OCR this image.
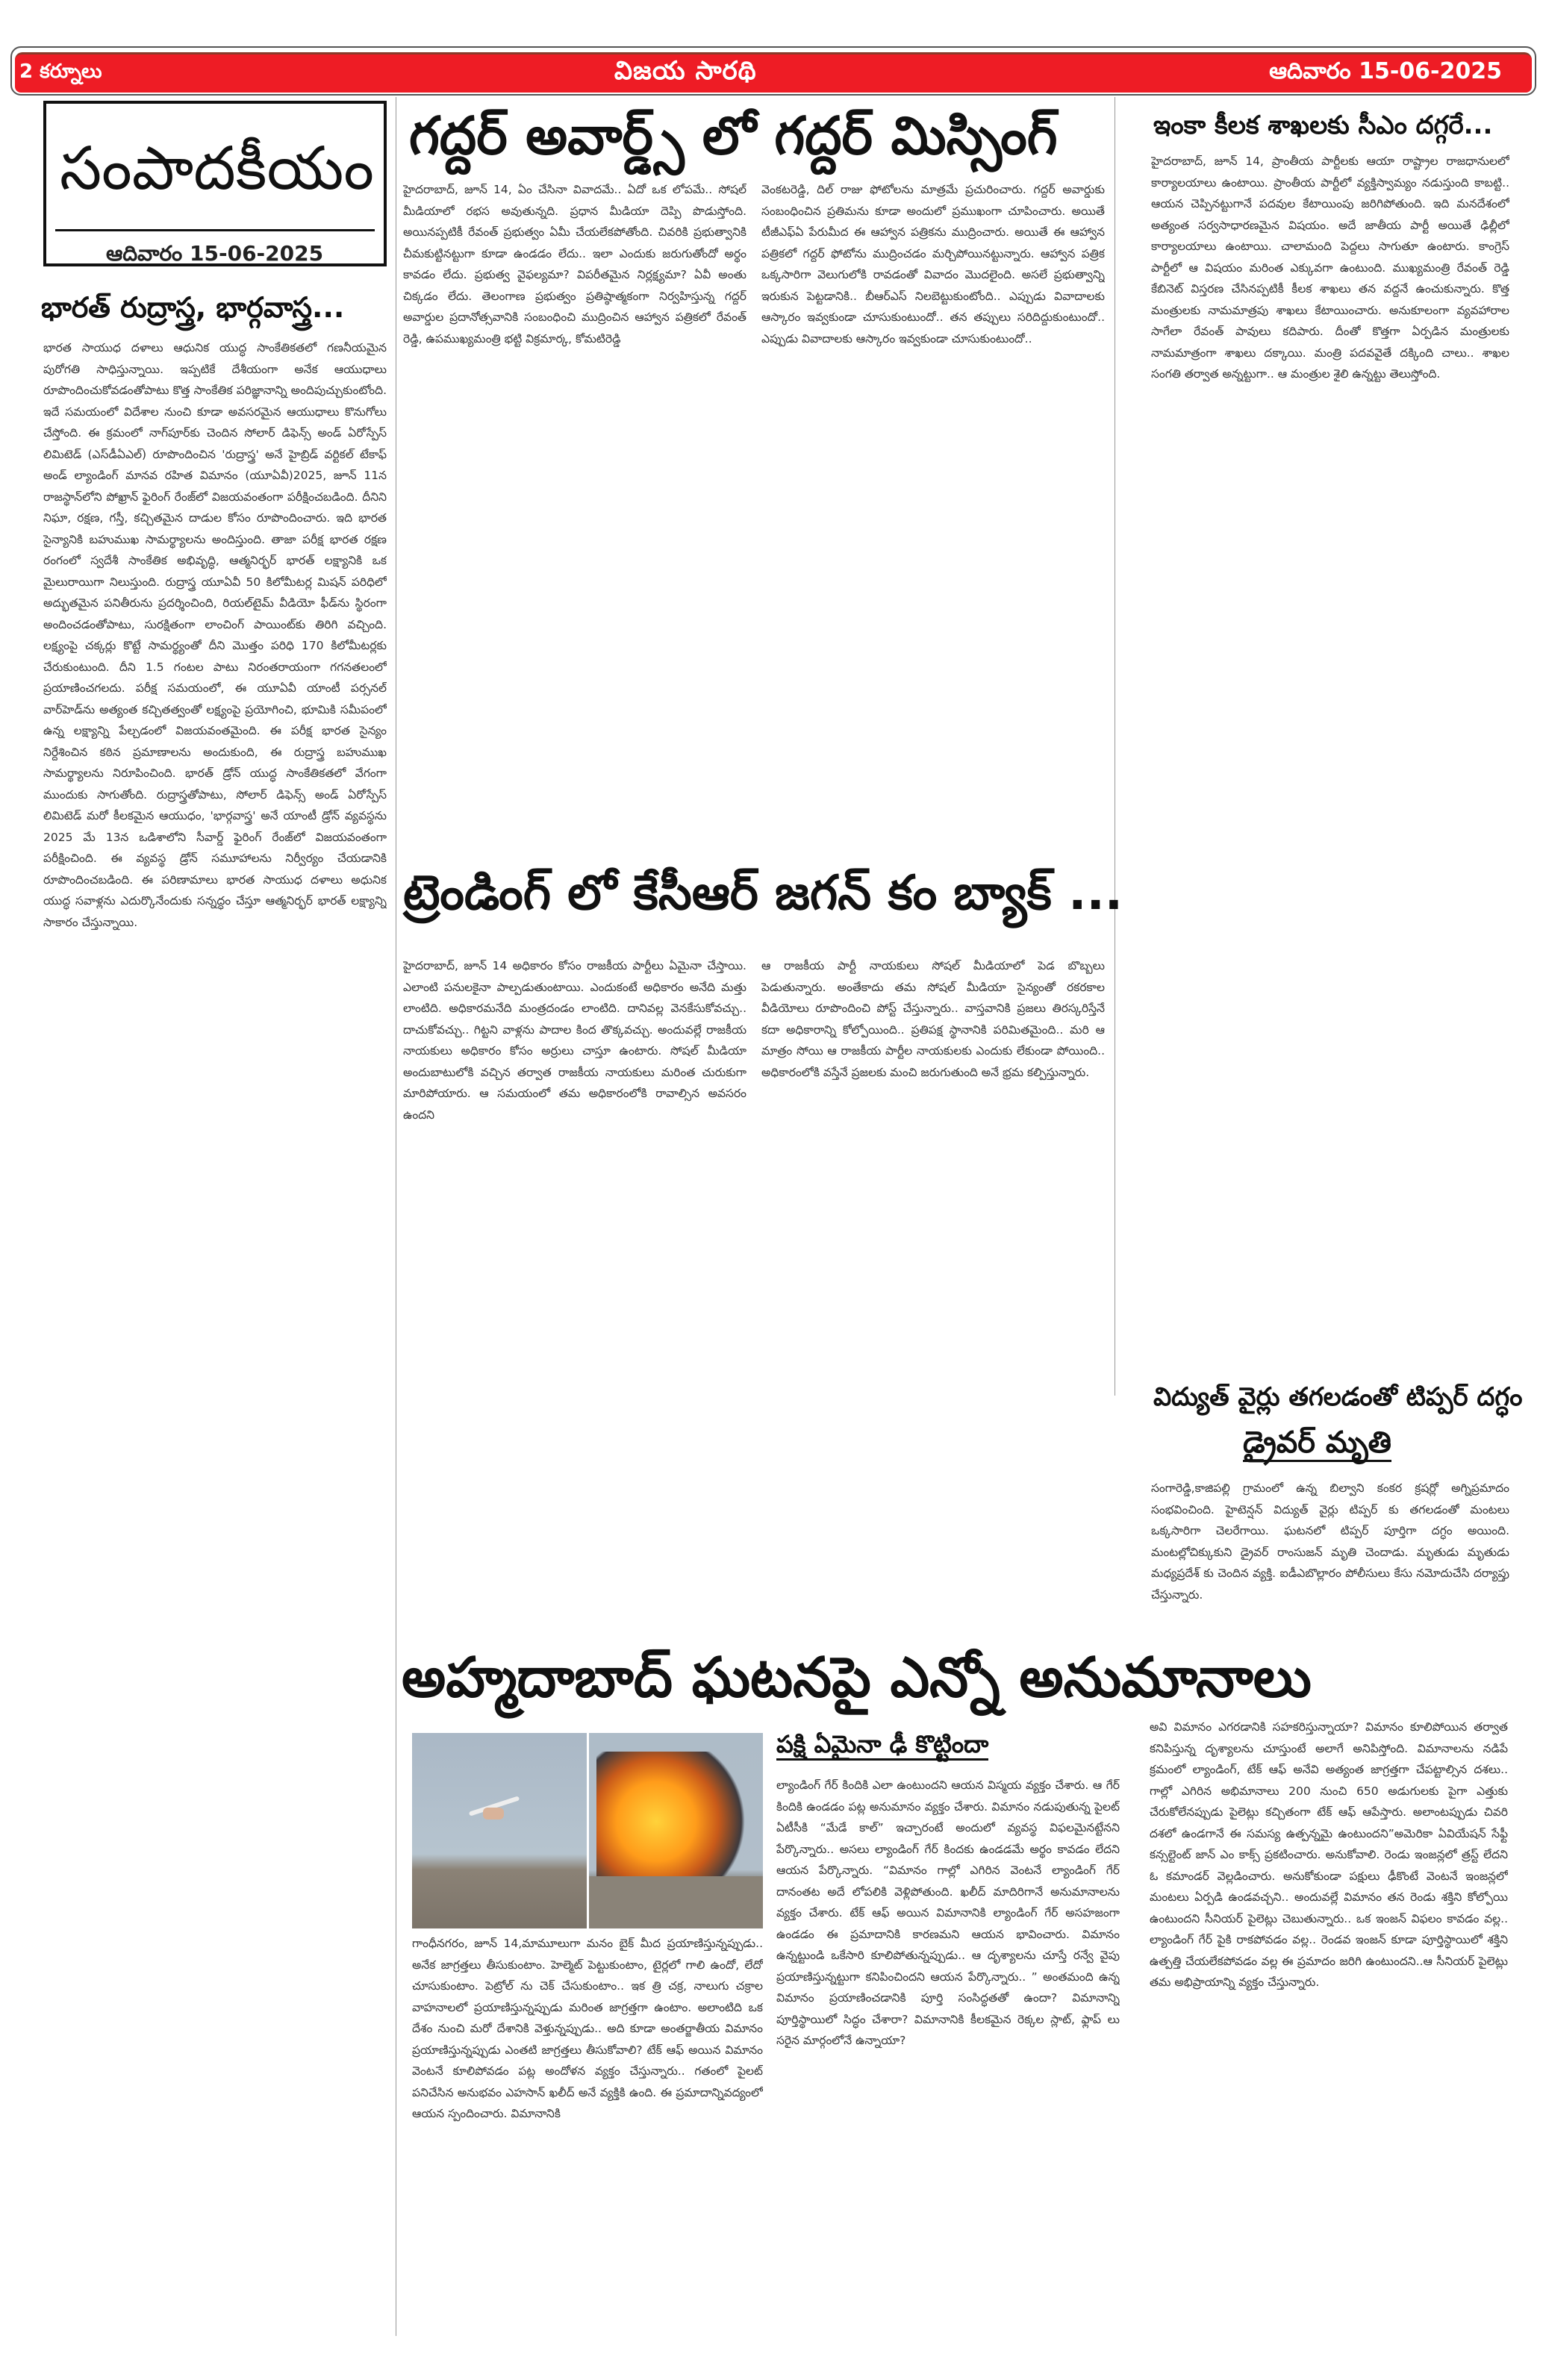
2 కర్నూలు	విజయ సారథి	ఆదివారం 15-06-2025
సంపాదకీయం
ఆదివారం 15-06-2025
భారత్ రుద్రాస్త్ర, భార్గవాస్త్ర...

భారత సాయుధ దళాలు ఆధునిక యుద్ధ సాంకేతికతలో గణనీయమైన పురోగతి సాధిస్తున్నాయి. ఇప్పటికే దేశీయంగా అనేక ఆయుధాలు రూపొందించుకోవడంతోపాటు కొత్త సాంకేతిక పరిజ్ఞానాన్ని అందిపుచ్చుకుంటోంది. ఇదే సమయంలో విదేశాల నుంచి కూడా అవసరమైన ఆయుధాలు కొనుగోలు చేస్తోంది. ఈ క్రమంలో నాగ్‌పూర్‌కు చెందిన సోలార్ డిఫెన్స్ అండ్ ఏరోస్పేస్ లిమిటెడ్ (ఎస్‌డీఏఎల్) రూపొందించిన 'రుద్రాస్త్ర' అనే హైబ్రిడ్ వర్టికల్ టేకాఫ్ అండ్ ల్యాండింగ్ మానవ రహిత విమానం (యూఏవీ)2025, జూన్ 11న రాజస్థాన్‌లోని పోఖ్రాన్ ఫైరింగ్ రేంజ్‌లో విజయవంతంగా పరీక్షించబడింది. దీనిని నిఘా, రక్షణ, గస్తీ, కచ్చితమైన దాడుల కోసం రూపొందించారు. ఇది భారత సైన్యానికి బహుముఖ సామర్థ్యాలను అందిస్తుంది. తాజా పరీక్ష భారత రక్షణ రంగంలో స్వదేశీ సాంకేతిక అభివృద్ధి, ఆత్మనిర్భర్ భారత్ లక్ష్యానికి ఒక మైలురాయిగా నిలుస్తుంది. రుద్రాస్త్ర యూఏవీ 50 కిలోమీటర్ల మిషన్ పరిధిలో అద్భుతమైన పనితీరును ప్రదర్శించింది, రియల్‌టైమ్ వీడియో ఫీడ్‌ను స్థిరంగా అందించడంతోపాటు, సురక్షితంగా లాంచింగ్ పాయింట్‌కు తిరిగి వచ్చింది. లక్ష్యంపై చక్కర్లు కొట్టే సామర్థ్యంతో దీని మొత్తం పరిధి 170 కిలోమీటర్లకు చేరుకుంటుంది. దీని 1.5 గంటల పాటు నిరంతరాయంగా గగనతలంలో ప్రయాణించగలదు. పరీక్ష సమయంలో, ఈ యూఏవీ యాంటీ పర్సనల్ వార్‌హెడ్‌ను అత్యంత కచ్చితత్వంతో లక్ష్యంపై ప్రయోగించి, భూమికి సమీపంలో ఉన్న లక్ష్యాన్ని పేల్చడంలో విజయవంతమైంది. ఈ పరీక్ష భారత సైన్యం నిర్దేశించిన కఠిన ప్రమాణాలను అందుకుంది, ఈ రుద్రాస్త్ర బహుముఖ సామర్థ్యాలను నిరూపించింది. భారత్ డ్రోన్ యుద్ధ సాంకేతికతలో వేగంగా ముందుకు సాగుతోంది. రుద్రాస్త్రతోపాటు, సోలార్ డిఫెన్స్ అండ్ ఏరోస్పేస్ లిమిటెడ్ మరో కీలకమైన ఆయుధం, 'భార్గవాస్త్ర' అనే యాంటీ డ్రోన్ వ్యవస్థను 2025 మే 13న ఒడిశాలోని సీవార్డ్ ఫైరింగ్ రేంజ్‌లో విజయవంతంగా పరీక్షించింది. ఈ వ్యవస్థ డ్రోన్ సమూహాలను నిర్వీర్యం చేయడానికి రూపొందించబడింది. ఈ పరిణామాలు భారత సాయుధ దళాలు అధునిక యుద్ధ సవాళ్లను ఎదుర్కొనేందుకు సన్నద్ధం చేస్తూ ఆత్మనిర్భర్ భారత్ లక్ష్యాన్ని సాకారం చేస్తున్నాయి.

గద్దర్ అవార్డ్స్ లో గద్దర్ మిస్సింగ్

హైదరాబాద్, జూన్ 14, ఏం చేసినా వివాదమే.. ఏదో ఒక లోపమే.. సోషల్ మీడియాలో రభస అవుతున్నది. ప్రధాన మీడియా దెప్పి పొడుస్తోంది. అయినప్పటికీ రేవంత్ ప్రభుత్వం ఏమీ చేయలేకపోతోంది. చివరికి ప్రభుత్వానికి చీమకుట్టినట్టుగా కూడా ఉండడం లేదు.. ఇలా ఎందుకు జరుగుతోందో అర్థం కావడం లేదు. ప్రభుత్వ వైఫల్యమా? విపరీతమైన నిర్లక్ష్యమా? ఏవీ అంతు చిక్కడం లేదు. తెలంగాణ ప్రభుత్వం ప్రతిష్ఠాత్మకంగా నిర్వహిస్తున్న గద్దర్ అవార్డుల ప్రదానోత్సవానికి సంబంధించి ముద్రించిన ఆహ్వాన పత్రికలో రేవంత్ రెడ్డి, ఉపముఖ్యమంత్రి భట్టి విక్రమార్క, కోమటిరెడ్డి

వెంకటరెడ్డి, దిల్ రాజు ఫోటోలను మాత్రమే ప్రచురించారు. గద్దర్ అవార్డుకు సంబంధించిన ప్రతిమను కూడా అందులో ప్రముఖంగా చూపించారు. అయితే టీజీఎఫ్‌ఏ పేరుమీద ఈ ఆహ్వాన పత్రికను ముద్రించారు. అయితే ఈ ఆహ్వాన పత్రికలో గద్దర్ ఫోటోను ముద్రించడం మర్చిపోయినట్టున్నారు. ఆహ్వాన పత్రిక ఒక్కసారిగా వెలుగులోకి రావడంతో వివాదం మొదలైంది. అసలే ప్రభుత్వాన్ని ఇరుకున పెట్టడానికి.. బీఆర్ఎస్ నిలబెట్టుకుంటోంది.. ఎప్పుడు వివాదాలకు ఆస్కారం ఇవ్వకుండా చూసుకుంటుందో.. తన తప్పులు సరిదిద్దుకుంటుందో.. ఎప్పుడు వివాదాలకు ఆస్కారం ఇవ్వకుండా చూసుకుంటుందో..

ఇంకా కీలక శాఖలకు సీఎం దగ్గరే...

హైదరాబాద్, జూన్ 14, ప్రాంతీయ పార్టీలకు ఆయా రాష్ట్రాల రాజధానులలో కార్యాలయాలు ఉంటాయి. ప్రాంతీయ పార్టీలో వ్యక్తిస్వామ్యం నడుస్తుంది కాబట్టి.. ఆయన చెప్పినట్టుగానే పదవుల కేటాయింపు జరిగిపోతుంది. ఇది మనదేశంలో అత్యంత సర్వసాధారణమైన విషయం. అదే జాతీయ పార్టీ అయితే ఢిల్లీలో కార్యాలయాలు ఉంటాయి. చాలామంది పెద్దలు సాగుతూ ఉంటారు. కాంగ్రెస్ పార్టీలో ఆ విషయం మరింత ఎక్కువగా ఉంటుంది. ముఖ్యమంత్రి రేవంత్ రెడ్డి కేబినెట్ విస్తరణ చేసినప్పటికీ కీలక శాఖలు తన వద్దనే ఉంచుకున్నారు. కొత్త మంత్రులకు నామమాత్రపు శాఖలు కేటాయించారు. అనుకూలంగా వ్యవహారాల సాగేలా రేవంత్ పావులు కదిపారు. దీంతో కొత్తగా ఏర్పడిన మంత్రులకు నామమాత్రంగా శాఖలు దక్కాయి. మంత్రి పదవవైతే దక్కింది చాలు.. శాఖల సంగతి తర్వాత అన్నట్టుగా.. ఆ మంత్రుల శైలి ఉన్నట్టు తెలుస్తోంది.

ట్రెండింగ్ లో కేసీఆర్ జగన్ కం బ్యాక్ ...

హైదరాబాద్, జూన్ 14 అధికారం కోసం రాజకీయ పార్టీలు ఏమైనా చేస్తాయి. ఎలాంటి పనులకైనా పాల్పడుతుంటాయి. ఎందుకంటే అధికారం అనేది మత్తు లాంటిది. అధికారమనేది మంత్రదండం లాంటిది. దానివల్ల వెనకేసుకోవచ్చు.. దాచుకోవచ్చు.. గిట్టని వాళ్లను పాదాల కింద తొక్కవచ్చు. అందువల్లే రాజకీయ నాయకులు అధికారం కోసం అర్రులు చాస్తూ ఉంటారు. సోషల్ మీడియా అందుబాటులోకి వచ్చిన తర్వాత రాజకీయ నాయకులు మరింత చురుకుగా మారిపోయారు. ఆ సమయంలో తమ అధికారంలోకి రావాల్సిన అవసరం ఉందని

ఆ రాజకీయ పార్టీ నాయకులు సోషల్ మీడియాలో పెడ బొబ్బలు పెడుతున్నారు. అంతేకాదు తమ సోషల్ మీడియా సైన్యంతో రకరకాల వీడియోలు రూపొందించి పోస్ట్ చేస్తున్నారు.. వాస్తవానికి ప్రజలు తిరస్కరిస్తేనే కదా అధికారాన్ని కోల్పోయింది.. ప్రతిపక్ష స్థానానికి పరిమితమైంది.. మరి ఆ మాత్రం సోయి ఆ రాజకీయ పార్టీల నాయకులకు ఎందుకు లేకుండా పోయింది.. అధికారంలోకి వస్తేనే ప్రజలకు మంచి జరుగుతుంది అనే భ్రమ కల్పిస్తున్నారు.

విద్యుత్ వైర్లు తగలడంతో టిప్పర్ దగ్ధం
డ్రైవర్ మృతి

సంగారెడ్డి,కాజిపల్లి గ్రామంలో ఉన్న బిల్వాని కంకర క్రషర్లో అగ్నిప్రమాదం సంభవించింది. హైటెన్షన్ విద్యుత్ వైర్లు టిప్పర్ కు తగలడంతో మంటలు ఒక్కసారిగా చెలరేగాయి. ఘటనలో టిప్పర్ పూర్తిగా దగ్ధం అయింది. మంటల్లోచిక్కుకుని డ్రైవర్ రాంసుజన్ మృతి చెందాడు. మృతుడు మృతుడు మధ్యప్రదేశ్ కు చెందిన వ్యక్తి. ఐడీఎబొల్లారం పోలీసులు కేసు నమోదుచేసి దర్యాప్తు చేస్తున్నారు.

అహ్మదాబాద్ ఘటనపై ఎన్నో అనుమానాలు
పక్షి ఏమైనా ఢీ కొట్టిందా

గాంధీనగరం, జూన్ 14,మామూలుగా మనం బైక్ మీద ప్రయాణిస్తున్నప్పుడు.. అనేక జాగ్రత్తలు తీసుకుంటాం. హెల్మెట్ పెట్టుకుంటాం, టైర్లలో గాలి ఉందో, లేదో చూసుకుంటాం. పెట్రోల్ ను చెక్ చేసుకుంటాం.. ఇక త్రి చక్ర, నాలుగు చక్రాల వాహనాలలో ప్రయాణిస్తున్నప్పుడు మరింత జాగ్రత్తగా ఉంటాం. అలాంటిది ఒక దేశం నుంచి మరో దేశానికి వెళ్తున్నప్పుడు.. అది కూడా అంతర్జాతీయ విమానం ప్రయాణిస్తున్నప్పుడు ఎంతటి జాగ్రత్తలు తీసుకోవాలి? టేక్ ఆఫ్ అయిన విమానం వెంటనే కూలిపోవడం పట్ల అందోళన వ్యక్తం చేస్తున్నారు.. గతంలో పైలట్ పనిచేసిన అనుభవం ఎహసాన్ ఖలీద్ అనే వ్యక్తికి ఉంది. ఈ ప్రమాదాన్నివద్యంలో ఆయన స్పందించారు. విమానానికి

ల్యాండింగ్ గేర్ కిందికి ఎలా ఉంటుందని ఆయన విస్మయ వ్యక్తం చేశారు. ఆ గేర్ కిందికి ఉండడం పట్ల అనుమానం వ్యక్తం చేశారు. విమానం నడుపుతున్న పైలట్ ఏటీసీకి “మేడే కాల్” ఇచ్చారంటే అందులో వ్యవస్థ విఫలమైనట్టేనని పేర్కొన్నారు.. అసలు ల్యాండింగ్ గేర్ కిందకు ఉండడమే అర్థం కావడం లేదని ఆయన పేర్కొన్నారు. “విమానం గాల్లో ఎగిరిన వెంటనే ల్యాండింగ్ గేర్ దానంతట అదే లోపలికి వెళ్లిపోతుంది. ఖలీద్ మాదిరిగానే అనుమానాలను వ్యక్తం చేశారు. టేక్ ఆఫ్ అయిన విమానానికి ల్యాండింగ్ గేర్ అసహజంగా ఉండడం ఈ ప్రమాదానికి కారణమని ఆయన భావించారు. విమానం ఉన్నట్టుండి ఒకేసారి కూలిపోతున్నప్పుడు.. ఆ దృశ్యాలను చూస్తే రన్వే వైపు ప్రయాణిస్తున్నట్టుగా కనిపించిందని ఆయన పేర్కొన్నారు.. ” అంతమంది ఉన్న విమానం ప్రయాణించడానికి పూర్తి సంసిద్ధతతో ఉందా? విమానాన్ని పూర్తిస్థాయిలో సిద్ధం చేశారా? విమానానికి కీలకమైన రెక్కల స్లాట్, ఫ్లాప్ లు సరైన మార్గంలోనే ఉన్నాయా?

అవి విమానం ఎగరడానికి సహకరిస్తున్నాయా? విమానం కూలిపోయిన తర్వాత కనిపిస్తున్న దృశ్యాలను చూస్తుంటే అలాగే అనిపిస్తోంది. విమానాలను నడిపే క్రమంలో ల్యాండింగ్, టేక్ ఆఫ్ అనేవి అత్యంత జాగ్రత్తగా చేపట్టాల్సిన దశలు.. గాల్లో ఎగిరిన అభిమానాలు 200 నుంచి 650 అడుగులకు పైగా ఎత్తుకు చేరుకోలేనప్పుడు పైలెట్లు కచ్చితంగా టేక్ ఆఫ్ ఆపేస్తారు. అలాంటప్పుడు చివరి దశలో ఉండగానే ఈ సమస్య ఉత్పన్నమై ఉంటుందని”అమెరికా ఏవియేషన్ సేఫ్టీ కన్సల్టెంట్ జాన్ ఎం కాక్స్ ప్రకటించారు. అనుకోవాలి. రెండు ఇంజన్లలో త్రస్ట్ లేదని ఓ కమాండర్ వెల్లడించారు. అనుకోకుండా పక్షులు ఢీకొంటే వెంటనే ఇంజన్లలో మంటలు ఏర్పడి ఉండవచ్చని.. అందువల్లే విమానం తన రెండు శక్తిని కోల్పోయి ఉంటుందని సీనియర్ పైలెట్లు చెబుతున్నారు.. ఒక ఇంజన్ విఫలం కావడం వల్ల.. ల్యాండింగ్ గేర్ పైకి రాకపోవడం వల్ల.. రెండవ ఇంజన్ కూడా పూర్తిస్థాయిలో శక్తిని ఉత్పత్తి చేయలేకపోవడం వల్ల ఈ ప్రమాదం జరిగి ఉంటుందని..ఆ సీనియర్ పైలెట్లు తమ అభిప్రాయాన్ని వ్యక్తం చేస్తున్నారు.
